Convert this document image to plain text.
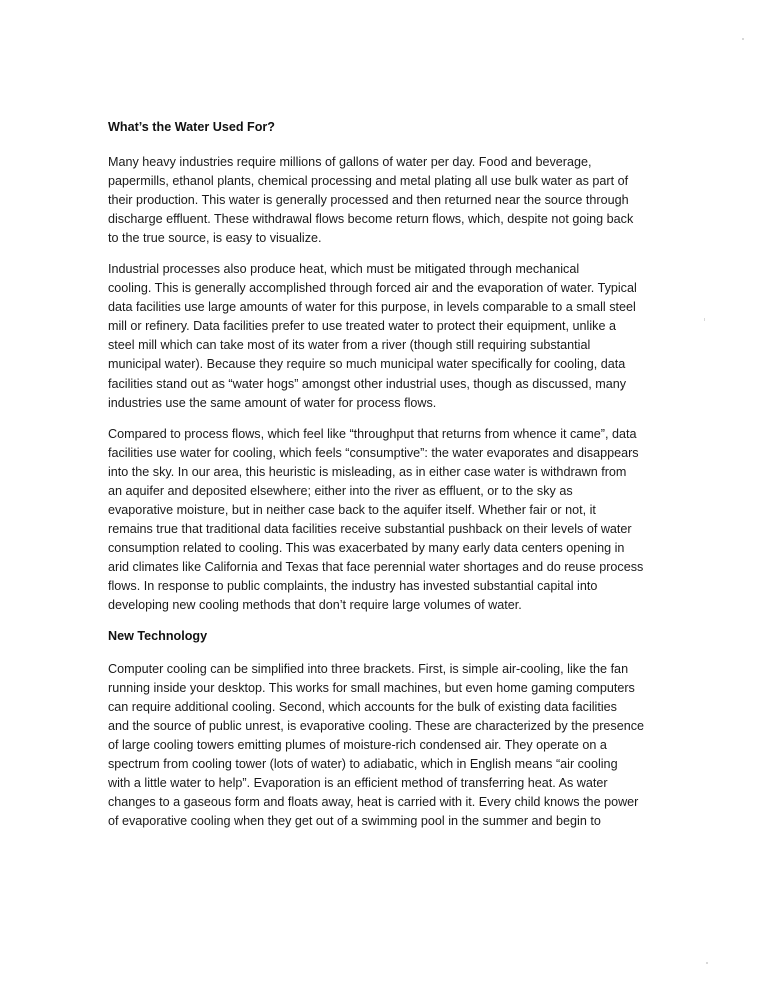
What’s the Water Used For?
Many heavy industries require millions of gallons of water per day. Food and beverage,
papermills, ethanol plants, chemical processing and metal plating all use bulk water as part of
their production. This water is generally processed and then returned near the source through
discharge effluent. These withdrawal flows become return flows, which, despite not going back
to the true source, is easy to visualize.
Industrial processes also produce heat, which must be mitigated through mechanical
cooling. This is generally accomplished through forced air and the evaporation of water. Typical
data facilities use large amounts of water for this purpose, in levels comparable to a small steel
mill or refinery. Data facilities prefer to use treated water to protect their equipment, unlike a
steel mill which can take most of its water from a river (though still requiring substantial
municipal water). Because they require so much municipal water specifically for cooling, data
facilities stand out as “water hogs” amongst other industrial uses, though as discussed, many
industries use the same amount of water for process flows.
Compared to process flows, which feel like “throughput that returns from whence it came”, data
facilities use water for cooling, which feels “consumptive”: the water evaporates and disappears
into the sky. In our area, this heuristic is misleading, as in either case water is withdrawn from
an aquifer and deposited elsewhere; either into the river as effluent, or to the sky as
evaporative moisture, but in neither case back to the aquifer itself. Whether fair or not, it
remains true that traditional data facilities receive substantial pushback on their levels of water
consumption related to cooling. This was exacerbated by many early data centers opening in
arid climates like California and Texas that face perennial water shortages and do reuse process
flows. In response to public complaints, the industry has invested substantial capital into
developing new cooling methods that don’t require large volumes of water.
New Technology
Computer cooling can be simplified into three brackets. First, is simple air-cooling, like the fan
running inside your desktop. This works for small machines, but even home gaming computers
can require additional cooling. Second, which accounts for the bulk of existing data facilities
and the source of public unrest, is evaporative cooling. These are characterized by the presence
of large cooling towers emitting plumes of moisture-rich condensed air. They operate on a
spectrum from cooling tower (lots of water) to adiabatic, which in English means “air cooling
with a little water to help”. Evaporation is an efficient method of transferring heat. As water
changes to a gaseous form and floats away, heat is carried with it. Every child knows the power
of evaporative cooling when they get out of a swimming pool in the summer and begin to
